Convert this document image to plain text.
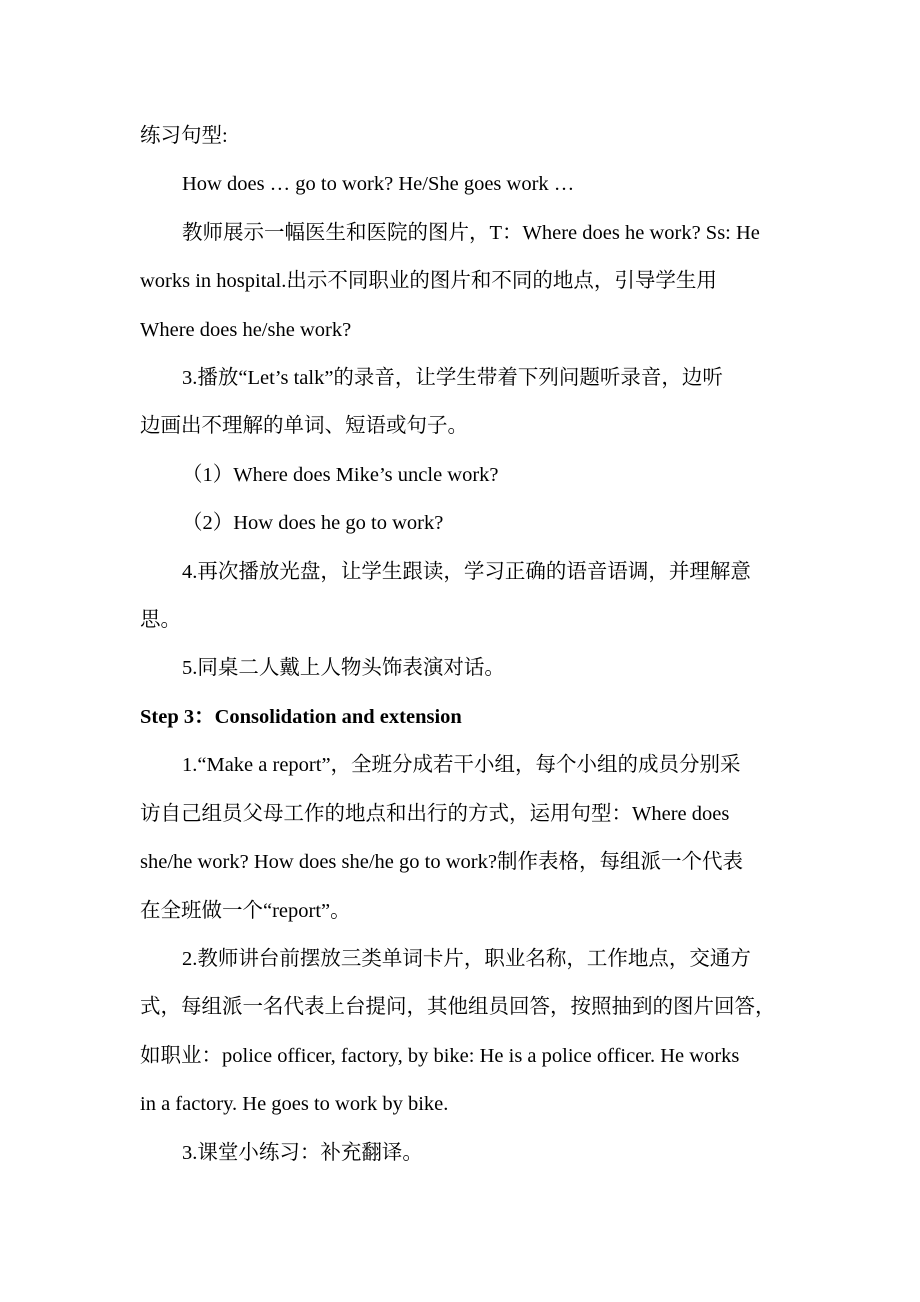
练习句型:

How does … go to work? He/She goes work …

教师展示一幅医生和医院的图片，T：Where does he work? Ss: He

works in hospital.出示不同职业的图片和不同的地点，引导学生用

Where does he/she work?

3.播放“Let’s talk”的录音，让学生带着下列问题听录音，边听

边画出不理解的单词、短语或句子。

（1）Where does Mike’s uncle work?

（2）How does he go to work?

4.再次播放光盘，让学生跟读，学习正确的语音语调，并理解意

思。

5.同桌二人戴上人物头饰表演对话。

Step 3：Consolidation and extension

1.“Make a report”，全班分成若干小组，每个小组的成员分别采

访自己组员父母工作的地点和出行的方式，运用句型：Where does

she/he work? How does she/he go to work?制作表格，每组派一个代表

在全班做一个“report”。

2.教师讲台前摆放三类单词卡片，职业名称，工作地点，交通方

式，每组派一名代表上台提问，其他组员回答，按照抽到的图片回答，

如职业：police officer, factory, by bike: He is a police officer. He works

in a factory. He goes to work by bike.

3.课堂小练习：补充翻译。
